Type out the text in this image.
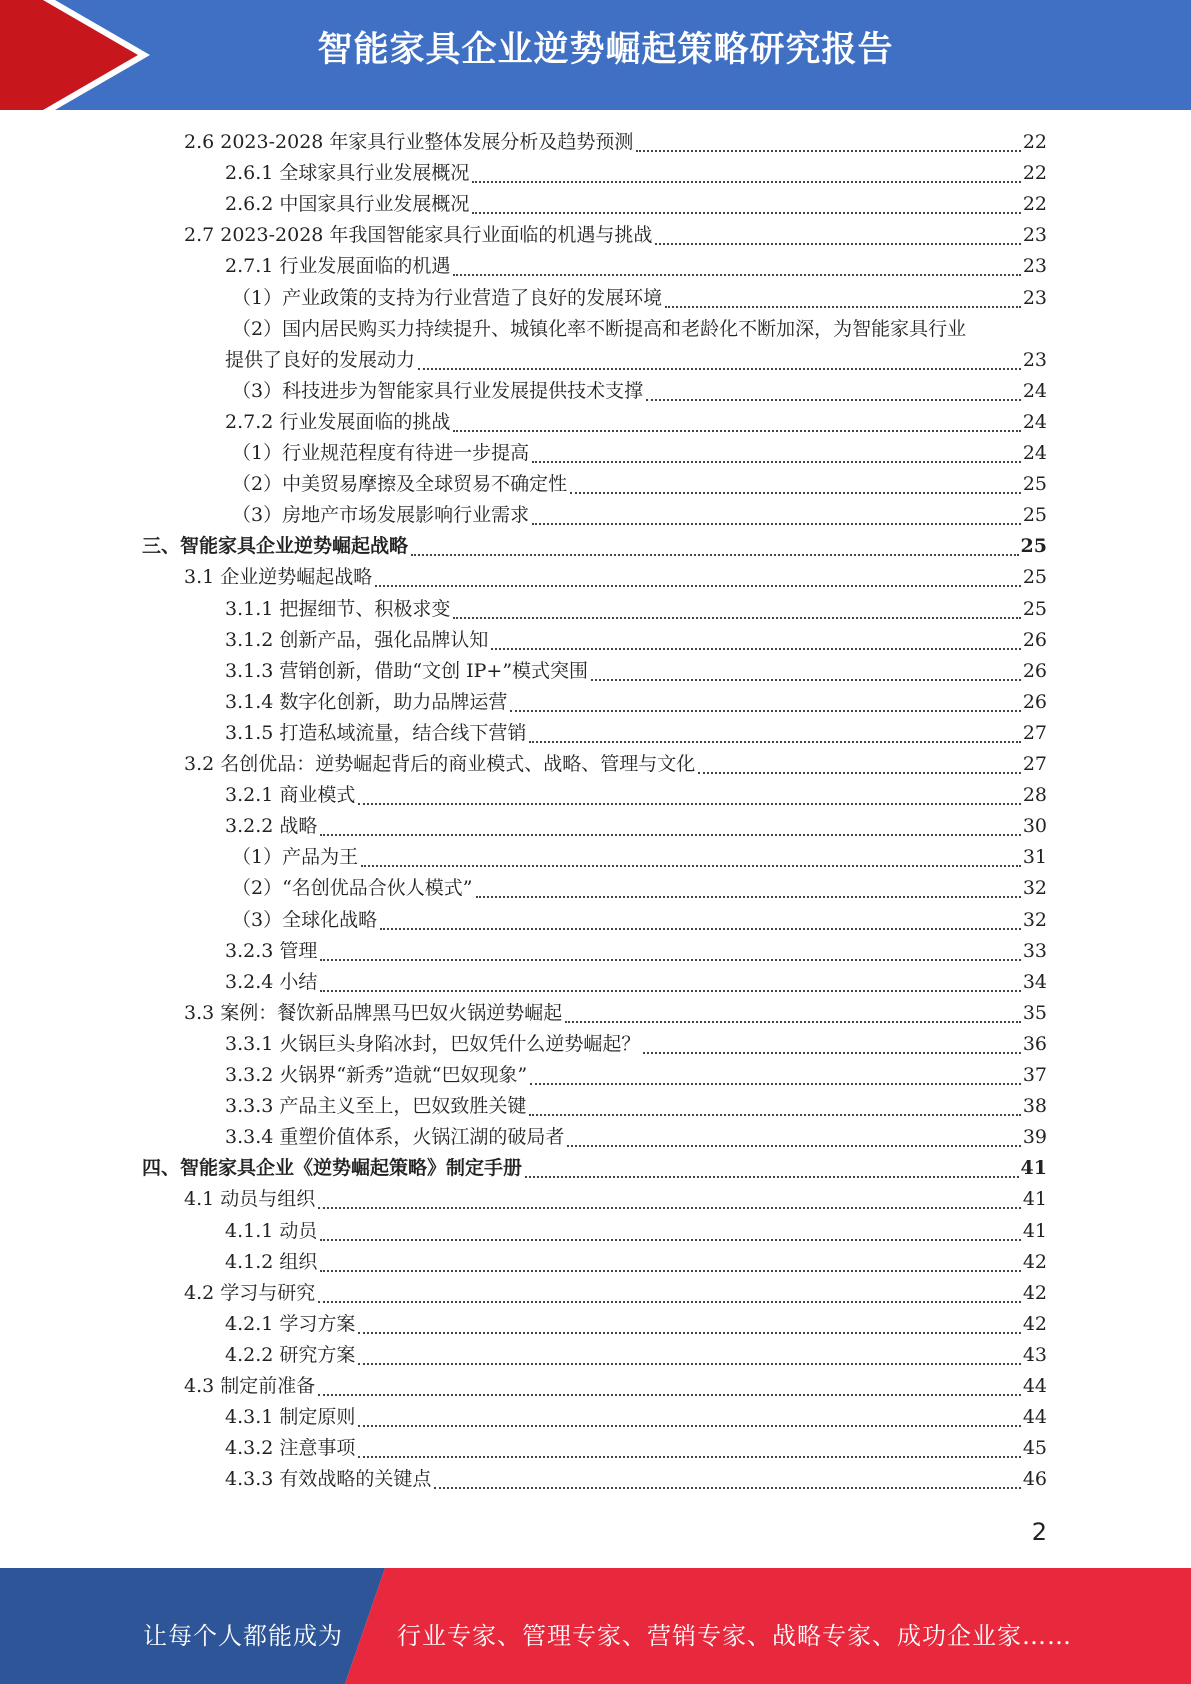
智能家具企业逆势崛起策略研究报告
2.6 2023-2028 年家具行业整体发展分析及趋势预测	22
2.6.1 全球家具行业发展概况	22
2.6.2 中国家具行业发展概况	22
2.7 2023-2028 年我国智能家具行业面临的机遇与挑战	23
2.7.1 行业发展面临的机遇	23
（1）产业政策的支持为行业营造了良好的发展环境	23
（2）国内居民购买力持续提升、城镇化率不断提高和老龄化不断加深，为智能家具行业
提供了良好的发展动力	23
（3）科技进步为智能家具行业发展提供技术支撑	24
2.7.2 行业发展面临的挑战	24
（1）行业规范程度有待进一步提高	24
（2）中美贸易摩擦及全球贸易不确定性	25
（3）房地产市场发展影响行业需求	25
三、智能家具企业逆势崛起战略	25
3.1 企业逆势崛起战略	25
3.1.1 把握细节、积极求变	25
3.1.2 创新产品，强化品牌认知	26
3.1.3 营销创新，借助“文创 IP+”模式突围	26
3.1.4 数字化创新，助力品牌运营	26
3.1.5 打造私域流量，结合线下营销	27
3.2 名创优品：逆势崛起背后的商业模式、战略、管理与文化	27
3.2.1 商业模式	28
3.2.2 战略	30
（1）产品为王	31
（2）“名创优品合伙人模式”	32
（3）全球化战略	32
3.2.3 管理	33
3.2.4 小结	34
3.3 案例：餐饮新品牌黑马巴奴火锅逆势崛起	35
3.3.1 火锅巨头身陷冰封，巴奴凭什么逆势崛起？	36
3.3.2 火锅界“新秀”造就“巴奴现象”	37
3.3.3 产品主义至上，巴奴致胜关键	38
3.3.4 重塑价值体系，火锅江湖的破局者	39
四、智能家具企业《逆势崛起策略》制定手册	41
4.1 动员与组织	41
4.1.1 动员	41
4.1.2 组织	42
4.2 学习与研究	42
4.2.1 学习方案	42
4.2.2 研究方案	43
4.3 制定前准备	44
4.3.1 制定原则	44
4.3.2 注意事项	45
4.3.3 有效战略的关键点	46
2
让每个人都能成为 行业专家、管理专家、营销专家、战略专家、成功企业家……
